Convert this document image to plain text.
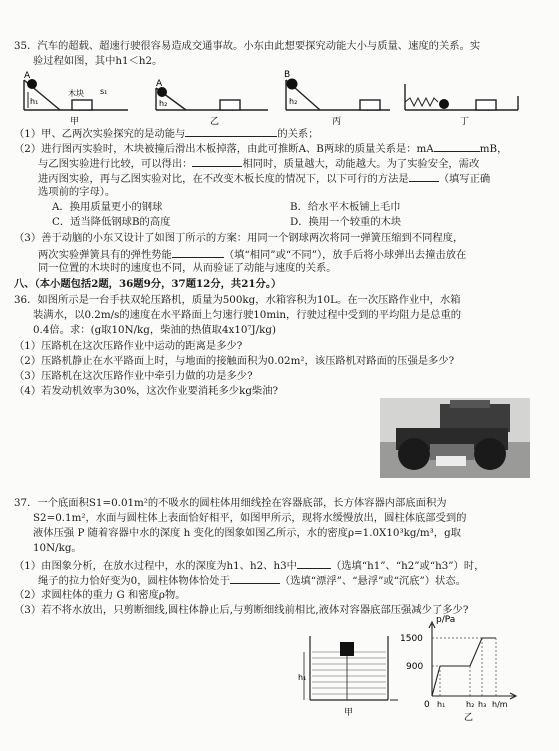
35．汽车的超载、超速行驶很容易造成交通事故。小东由此想要探究动能大小与质量、速度的关系。实
验过程如图，其中h1＜h2。
A
A
B
h₁	h₂	h₂
木块 s₁
甲	乙	丙	丁
（1）甲、乙两次实验探究的是动能与	的关系；
（2）进行图丙实验时，木块被撞后滑出木板掉落，由此可推断A、B两球的质量关系是：mA	mB，
与乙图实验进行比较，可以得出：	相同时，质量越大，动能越大。为了实验安全，需改
进丙图实验，再与乙图实验对比，在不改变木板长度的情况下，以下可行的方法是	（填写正确
选项前的字母）。
A．换用质量更小的钢球	B．给水平木板铺上毛巾
C．适当降低钢球B的高度	D．换用一个较重的木块
（3）善于动脑的小东又设计了如图丁所示的方案：用同一个钢球两次将同一弹簧压缩到不同程度，
两次实验弹簧具有的弹性势能	（填“相同”或“不同”），放手后将小球弹出去撞击放在
同一位置的木块时的速度也不同，从而验证了动能与速度的关系。
八、（本小题包括2题，36题9分，37题12分，共21分。）
36．如图所示是一台手扶双轮压路机，质量为500kg，水箱容积为10L。在一次压路作业中，水箱
装满水，以0.2m/s的速度在水平路面上匀速行驶10min，行驶过程中受到的平均阻力是总重的
0.4倍。求：(g取10N/kg，柴油的热值取4x10⁷J/kg)
（1）压路机在这次压路作业中运动的距离是多少?
（2）压路机静止在水平路面上时，与地面的接触面积为0.02m²，该压路机对路面的压强是多少?
（3）压路机在这次压路作业中牵引力做的功是多少?
（4）若发动机效率为30%，这次作业要消耗多少kg柴油?
37．一个底面积S1=0.01m²的不吸水的圆柱体用细线拴在容器底部，长方体容器内部底面积为
S2=0.1m²，水面与圆柱体上表面恰好相平，如图甲所示，现将水缓慢放出，圆柱体底部受到的
液体压强 P 随着容器中水的深度 h 变化的图象如图乙所示，水的密度ρ=1.0X10³kg/m³，g取
10N/kg。
（1）由图象分析，在放水过程中，水的深度为h1、h2、h3中	（选填“h1”、“h2”或“h3”）时，
绳子的拉力恰好变为0，圆柱体物体恰处于	（选填“漂浮”、“悬浮”或“沉底”）状态。
（2）求圆柱体的重力 G 和密度ρ物。
（3）若不将水放出，只剪断细线,圆柱体静止后,与剪断细线前相比,液体对容器底部压强减少了多少?
h₁
甲
p/Pa
1500
900
0 h₁	h₂ h₃ h/m
乙
